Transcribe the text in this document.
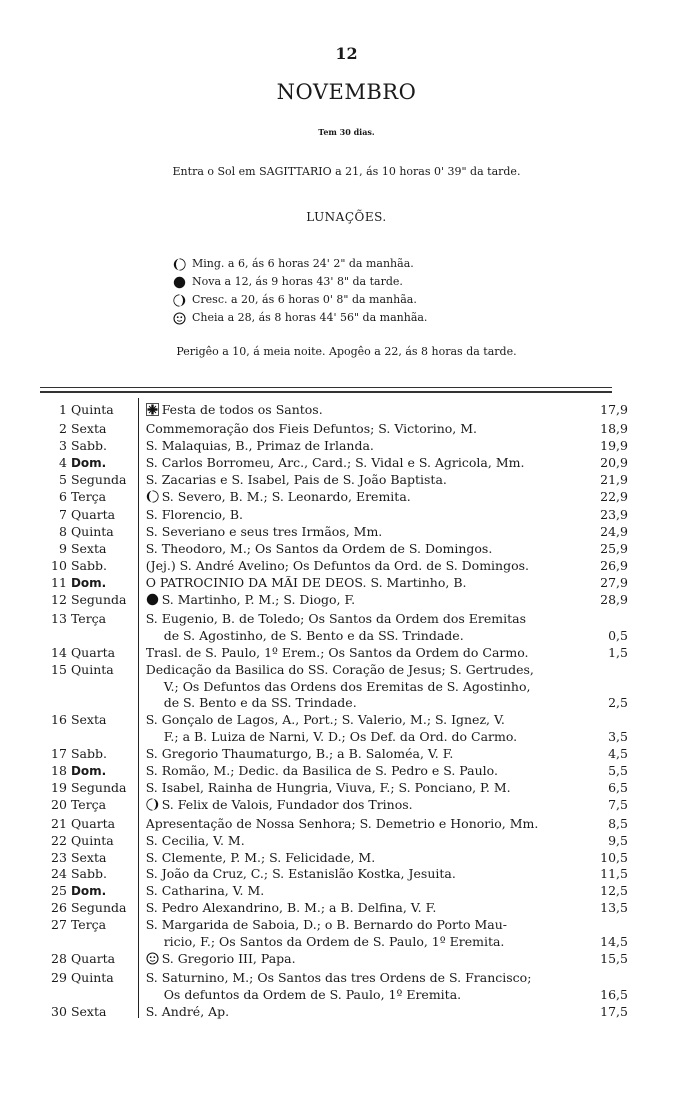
12
NOVEMBRO
Tem 30 dias.
Entra o Sol em SAGITTARIO a 21, ás 10 horas 0' 39" da tarde.
LUNAÇÕES.
Ming. a 6, ás 6 horas 24' 2" da manhãa.
Nova a 12, ás 9 horas 43' 8" da tarde.
Cresc. a 20, ás 6 horas 0' 8" da manhãa.
Cheia a 28, ás 8 horas 44' 56" da manhãa.
Perigêo a 10, á meia noite. Apogêo a 22, ás 8 horas da tarde.
1 Quinta	Festa de todos os Santos.	17,9
2 Sexta	Commemoração dos Fieis Defuntos; S. Victorino, M.	18,9
3 Sabb.	S. Malaquias, B., Primaz de Irlanda.	19,9
4 Dom.	S. Carlos Borromeu, Arc., Card.; S. Vidal e S. Agricola, Mm.	20,9
5 Segunda	S. Zacarias e S. Isabel, Pais de S. João Baptista.	21,9
6 Terça	S. Severo, B. M.; S. Leonardo, Eremita.	22,9
7 Quarta	S. Florencio, B.	23,9
8 Quinta	S. Severiano e seus tres Irmãos, Mm.	24,9
9 Sexta	S. Theodoro, M.; Os Santos da Ordem de S. Domingos.	25,9
10 Sabb.	(Jej.) S. André Avelino; Os Defuntos da Ord. de S. Domingos.	26,9
11 Dom.	O PATROCINIO DA MÃI DE DEOS. S. Martinho, B.	27,9
12 Segunda	S. Martinho, P. M.; S. Diogo, F.	28,9
13 Terça	S. Eugenio, B. de Toledo; Os Santos da Ordem dos Eremitas
de S. Agostinho, de S. Bento e da SS. Trindade.	0,5
14 Quarta	Trasl. de S. Paulo, 1º Erem.; Os Santos da Ordem do Carmo.	1,5
15 Quinta	Dedicação da Basilica do SS. Coração de Jesus; S. Gertrudes,
V.; Os Defuntos das Ordens dos Eremitas de S. Agostinho,
de S. Bento e da SS. Trindade.	2,5
16 Sexta	S. Gonçalo de Lagos, A., Port.; S. Valerio, M.; S. Ignez, V.
F.; a B. Luiza de Narni, V. D.; Os Def. da Ord. do Carmo.	3,5
17 Sabb.	S. Gregorio Thaumaturgo, B.; a B. Saloméa, V. F.	4,5
18 Dom.	S. Romão, M.; Dedic. da Basilica de S. Pedro e S. Paulo.	5,5
19 Segunda	S. Isabel, Rainha de Hungria, Viuva, F.; S. Ponciano, P. M.	6,5
20 Terça	S. Felix de Valois, Fundador dos Trinos.	7,5
21 Quarta	Apresentação de Nossa Senhora; S. Demetrio e Honorio, Mm.	8,5
22 Quinta	S. Cecilia, V. M.	9,5
23 Sexta	S. Clemente, P. M.; S. Felicidade, M.	10,5
24 Sabb.	S. João da Cruz, C.; S. Estanislão Kostka, Jesuita.	11,5
25 Dom.	S. Catharina, V. M.	12,5
26 Segunda	S. Pedro Alexandrino, B. M.; a B. Delfina, V. F.	13,5
27 Terça	S. Margarida de Saboia, D.; o B. Bernardo do Porto Mau-
ricio, F.; Os Santos da Ordem de S. Paulo, 1º Eremita.	14,5
28 Quarta	S. Gregorio III, Papa.	15,5
29 Quinta	S. Saturnino, M.; Os Santos das tres Ordens de S. Francisco;
Os defuntos da Ordem de S. Paulo, 1º Eremita.	16,5
30 Sexta	S. André, Ap.	17,5
